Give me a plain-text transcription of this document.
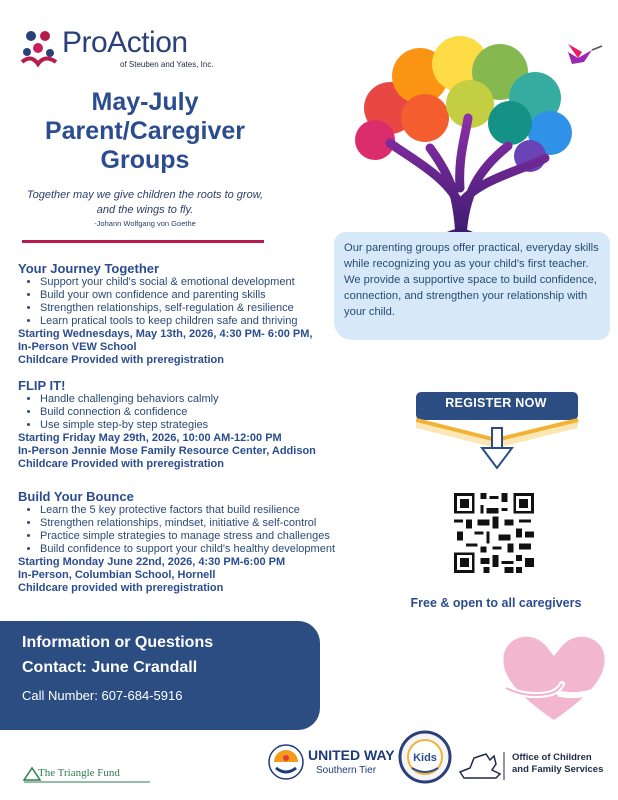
ProAction
of Steuben and Yates, Inc.
May-July
Parent/Caregiver
Groups
Together may we give children the roots to grow, and the wings to fly.
-Johann Wolfgang von Goethe
Our parenting groups offer practical, everyday skills while recognizing you as your child's first teacher. We provide a supportive space to build confidence, connection, and strengthen your relationship with your child.
Your Journey Together
• Support your child's social & emotional development
• Build your own confidence and parenting skills
• Strengthen relationships, self-regulation & resilience
• Learn pratical tools to keep children safe and thriving
Starting Wednesdays, May 13th, 2026, 4:30 PM- 6:00 PM,
In-Person VEW School
Childcare Provided with preregistration
FLIP IT!
• Handle challenging behaviors calmly
• Build connection & confidence
• Use simple step-by step strategies
Starting Friday May 29th, 2026, 10:00 AM-12:00 PM
In-Person Jennie Mose Family Resource Center, Addison
Childcare Provided with preregistration
Build Your Bounce
• Learn the 5 key protective factors that build resilience
• Strengthen relationships, mindset, initiative & self-control
• Practice simple strategies to manage stress and challenges
• Build confidence to support your child's healthy development
Starting Monday June 22nd, 2026, 4:30 PM-6:00 PM
In-Person, Columbian School, Hornell
Childcare provided with preregistration
REGISTER NOW
Free & open to all caregivers
Information or Questions
Contact: June Crandall
Call Number: 607-684-5916
The Triangle Fund
UNITED WAY
Southern Tier
Kids	Office of Children
and Family Services
